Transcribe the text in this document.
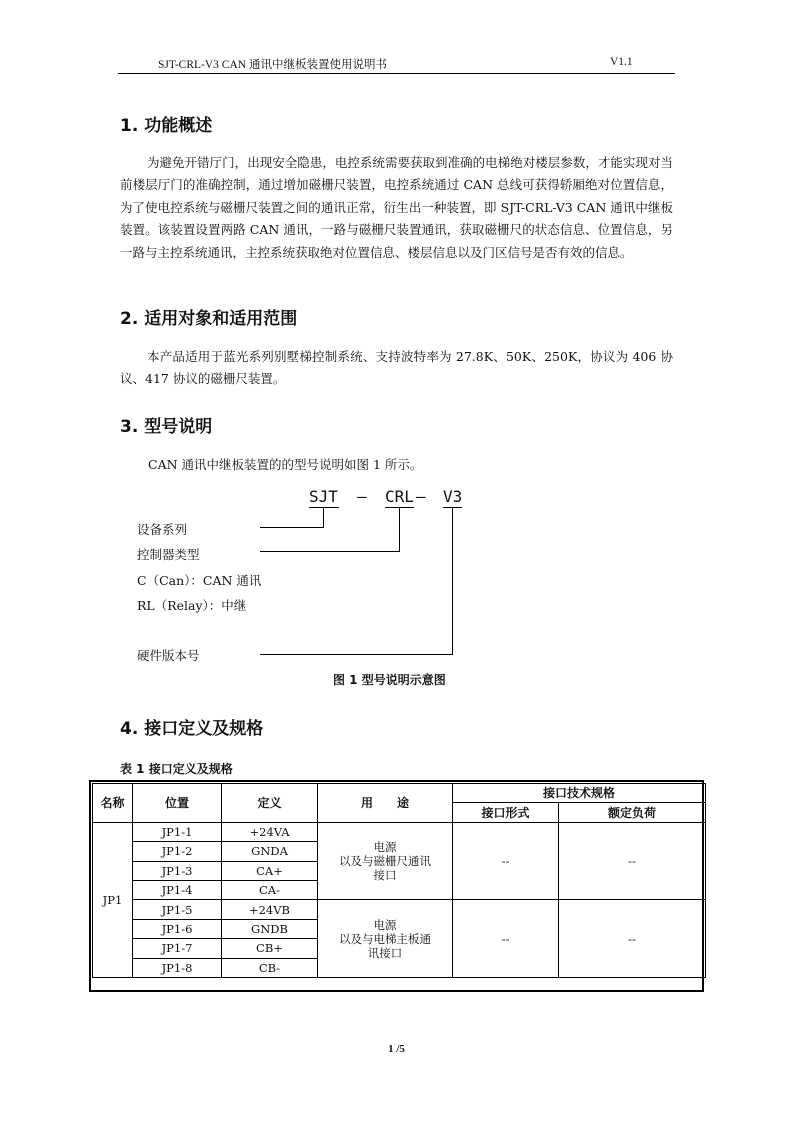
SJT-CRL-V3 CAN 通讯中继板装置使用说明书	V1.1
1. 功能概述

为避免开错厅门，出现安全隐患，电控系统需要获取到准确的电梯绝对楼层参数，才能实现对当前楼层厅门的准确控制，通过增加磁栅尺装置，电控系统通过 CAN 总线可获得轿厢绝对位置信息，为了使电控系统与磁栅尺装置之间的通讯正常，衍生出一种装置，即 SJT-CRL-V3 CAN 通讯中继板装置。该装置设置两路 CAN 通讯，一路与磁栅尺装置通讯，获取磁栅尺的状态信息、位置信息，另一路与主控系统通讯，主控系统获取绝对位置信息、楼层信息以及门区信号是否有效的信息。

2. 适用对象和适用范围

本产品适用于蓝光系列别墅梯控制系统、支持波特率为 27.8K、50K、250K，协议为 406 协议、417 协议的磁栅尺装置。

3. 型号说明

CAN 通讯中继板装置的的型号说明如图 1 所示。

SJT — CRL — V3
设备系列
控制器类型
C（Can）：CAN 通讯
RL（Relay）：中继
硬件版本号
图 1 型号说明示意图
4. 接口定义及规格
表 1 接口定义及规格
名称	位置	定义	用　　途	接口技术规格	
				接口形式	额定负荷
JP1	JP1-1	+24VA	电源
以及与磁栅尺通讯
接口	--	--
	JP1-2	GNDA			
	JP1-3	CA+			
	JP1-4	CA-			
	JP1-5	+24VB	电源
以及与电梯主板通
讯接口	--	--
	JP1-6	GNDB			
	JP1-7	CB+			
	JP1-8	CB-			
1 /5
